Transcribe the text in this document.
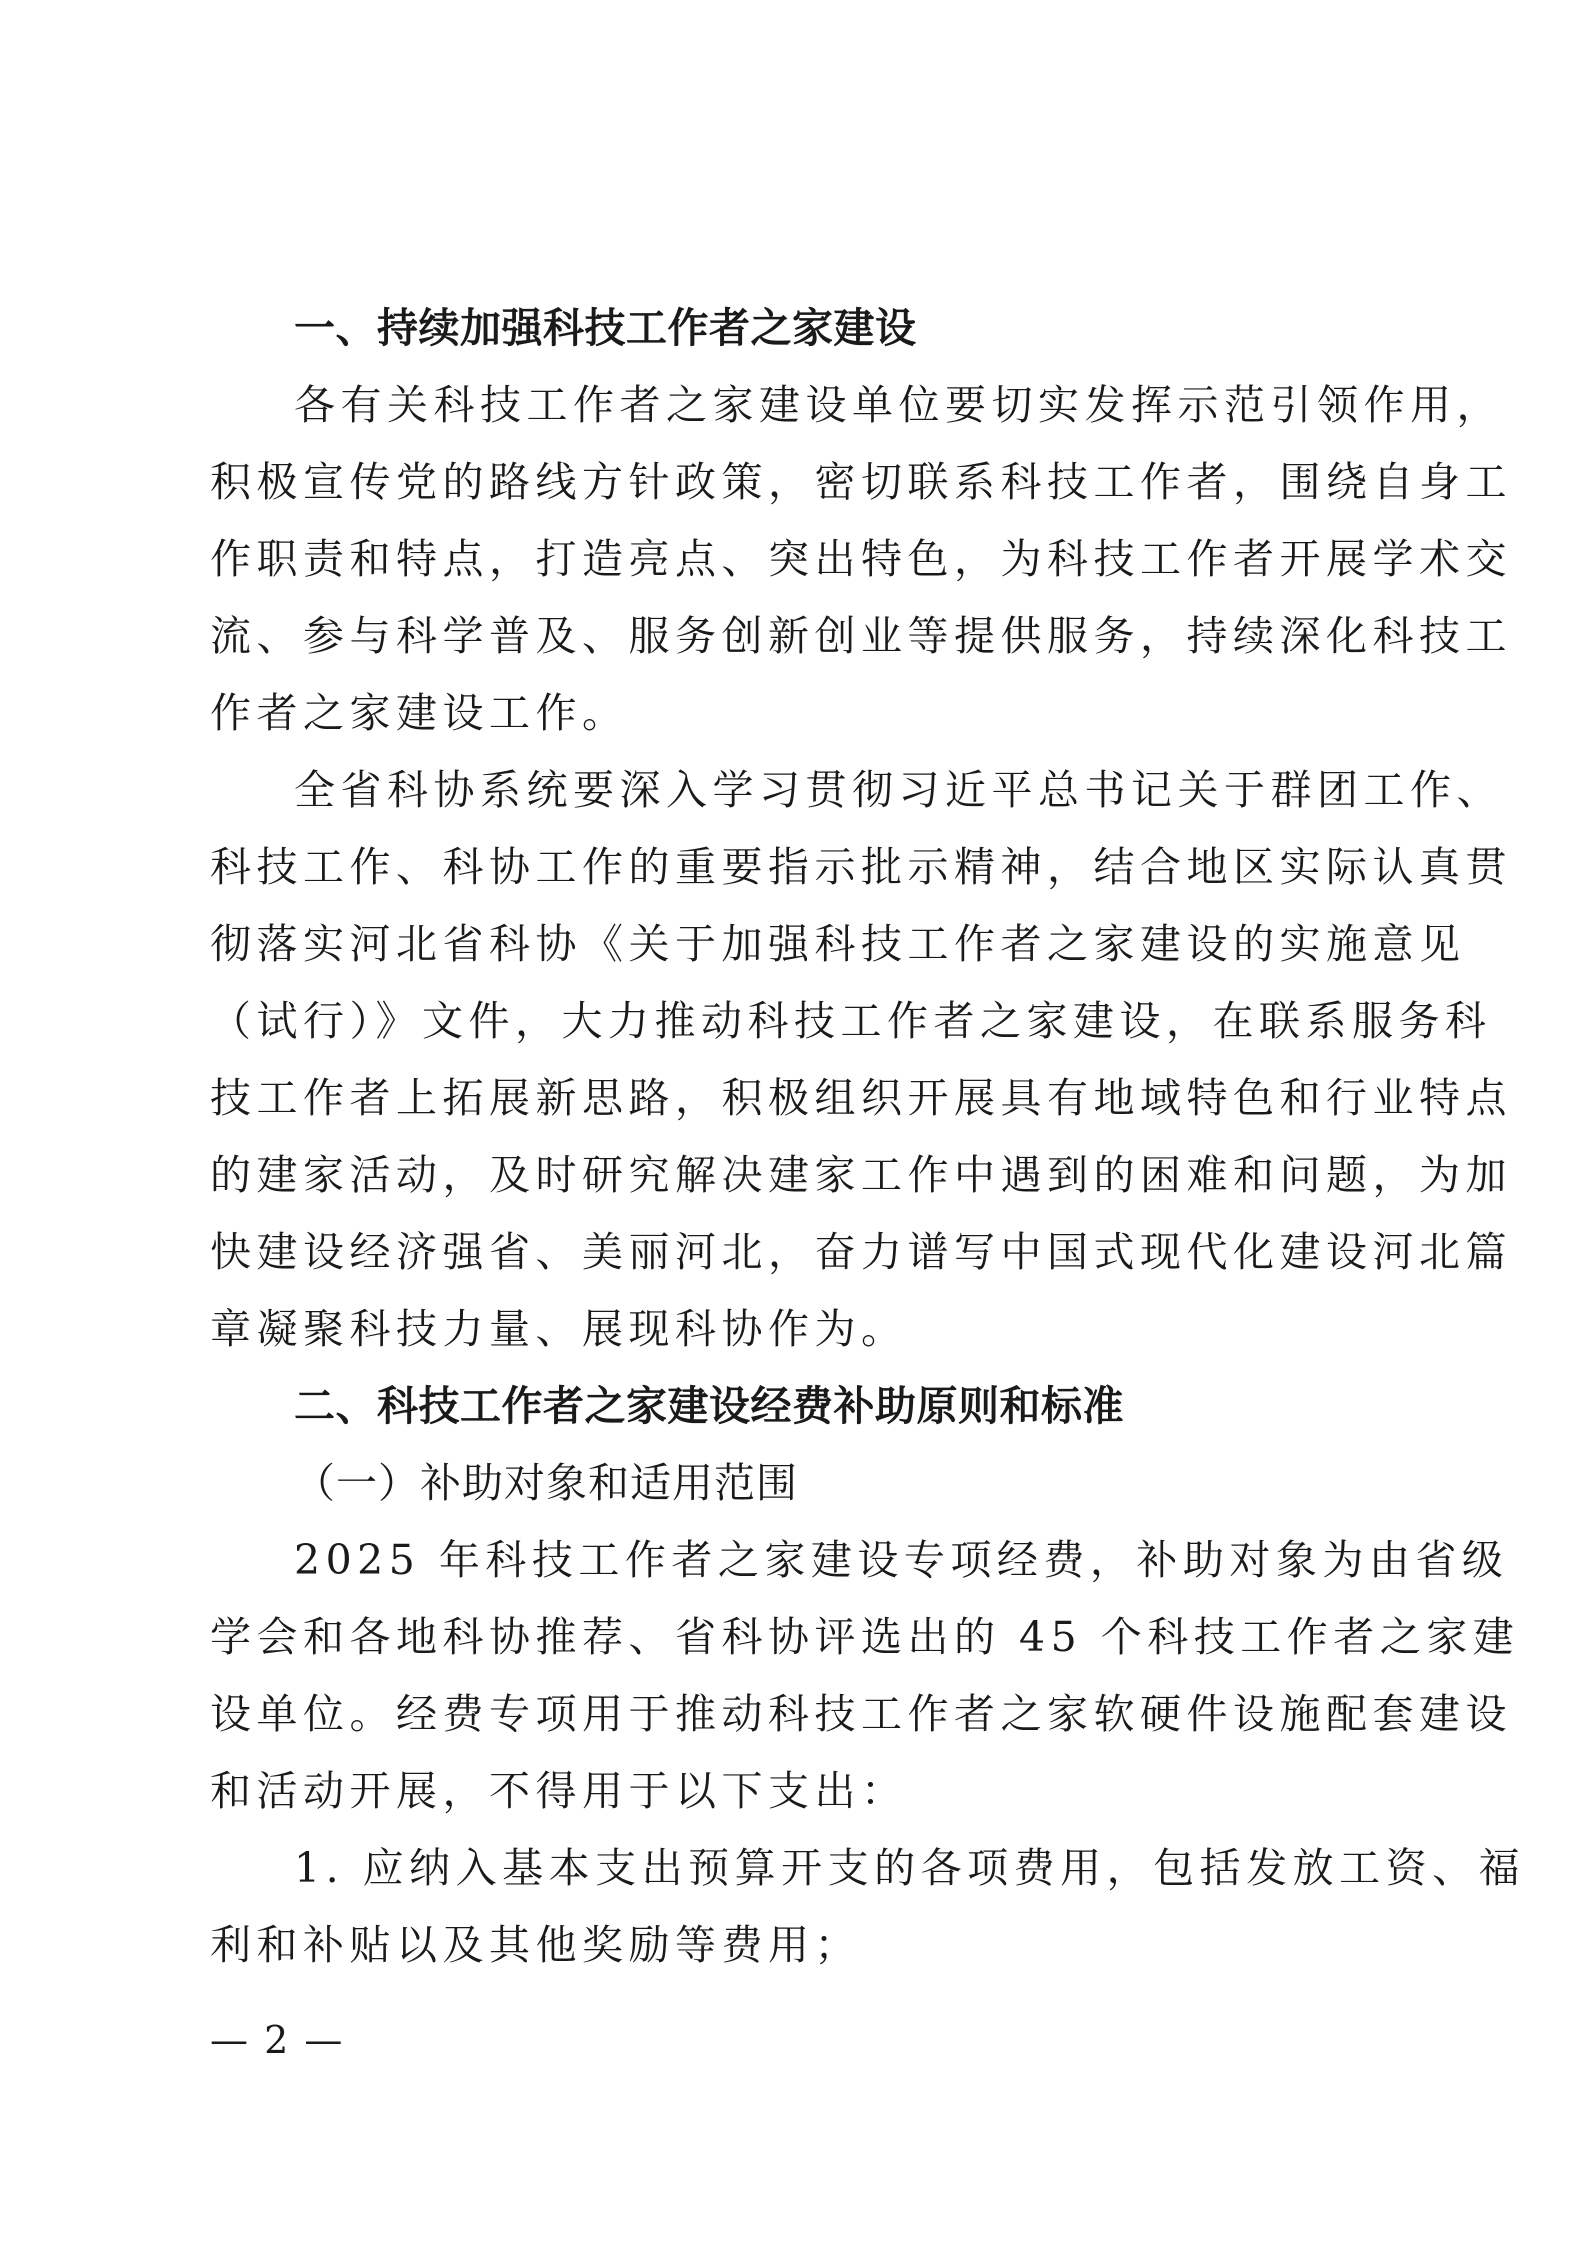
一、持续加强科技工作者之家建设

各有关科技工作者之家建设单位要切实发挥示范引领作用，
积极宣传党的路线方针政策，密切联系科技工作者，围绕自身工
作职责和特点，打造亮点、突出特色，为科技工作者开展学术交
流、参与科学普及、服务创新创业等提供服务，持续深化科技工
作者之家建设工作。
全省科协系统要深入学习贯彻习近平总书记关于群团工作、
科技工作、科协工作的重要指示批示精神，结合地区实际认真贯
彻落实河北省科协《关于加强科技工作者之家建设的实施意见
（试行）》文件，大力推动科技工作者之家建设，在联系服务科
技工作者上拓展新思路，积极组织开展具有地域特色和行业特点
的建家活动，及时研究解决建家工作中遇到的困难和问题，为加
快建设经济强省、美丽河北，奋力谱写中国式现代化建设河北篇
章凝聚科技力量、展现科协作为。

二、科技工作者之家建设经费补助原则和标准

（一）补助对象和适用范围

2025 年科技工作者之家建设专项经费，补助对象为由省级
学会和各地科协推荐、省科协评选出的 45 个科技工作者之家建
设单位。经费专项用于推动科技工作者之家软硬件设施配套建设
和活动开展，不得用于以下支出：
1. 应纳入基本支出预算开支的各项费用，包括发放工资、福
利和补贴以及其他奖励等费用；
— 2 —
